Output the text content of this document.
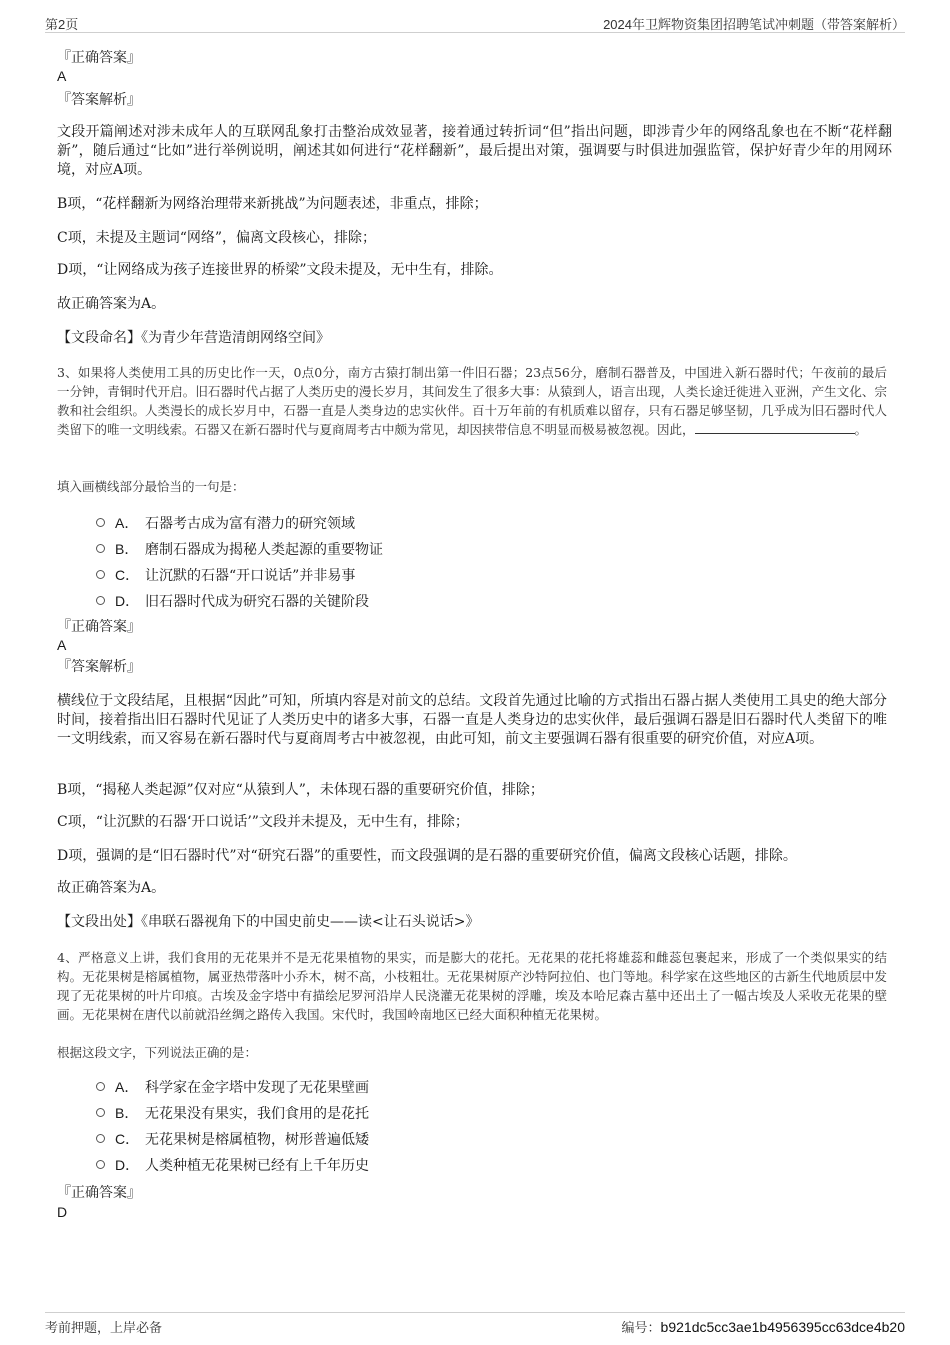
第2页	2024年卫辉物资集团招聘笔试冲刺题（带答案解析）
『正确答案』
A
『答案解析』
文段开篇阐述对涉未成年人的互联网乱象打击整治成效显著，接着通过转折词“但”指出问题，即涉青少年的网络乱象也在不断“花样翻新”，随后通过“比如”进行举例说明，阐述其如何进行“花样翻新”，最后提出对策，强调要与时俱进加强监管，保护好青少年的用网环境，对应A项。
B项，“花样翻新为网络治理带来新挑战”为问题表述，非重点，排除；
C项，未提及主题词“网络”，偏离文段核心，排除；
D项，“让网络成为孩子连接世界的桥梁”文段未提及，无中生有，排除。
故正确答案为A。
【文段命名】《为青少年营造清朗网络空间》
3、如果将人类使用工具的历史比作一天，0点0分，南方古猿打制出第一件旧石器；23点56分，磨制石器普及，中国进入新石器时代；午夜前的最后一分钟，青铜时代开启。旧石器时代占据了人类历史的漫长岁月，其间发生了很多大事：从猿到人，语言出现，人类长途迁徙进入亚洲，产生文化、宗教和社会组织。人类漫长的成长岁月中，石器一直是人类身边的忠实伙伴。百十万年前的有机质难以留存，只有石器足够坚韧，几乎成为旧石器时代人类留下的唯一文明线索。石器又在新石器时代与夏商周考古中颇为常见，却因挟带信息不明显而极易被忽视。因此，	。
填入画横线部分最恰当的一句是：
A． 石器考古成为富有潜力的研究领域
B． 磨制石器成为揭秘人类起源的重要物证
C． 让沉默的石器“开口说话”并非易事
D． 旧石器时代成为研究石器的关键阶段
『正确答案』
A
『答案解析』
横线位于文段结尾，且根据“因此”可知，所填内容是对前文的总结。文段首先通过比喻的方式指出石器占据人类使用工具史的绝大部分时间，接着指出旧石器时代见证了人类历史中的诸多大事，石器一直是人类身边的忠实伙伴，最后强调石器是旧石器时代人类留下的唯一文明线索，而又容易在新石器时代与夏商周考古中被忽视，由此可知，前文主要强调石器有很重要的研究价值，对应A项。
B项，“揭秘人类起源”仅对应“从猿到人”，未体现石器的重要研究价值，排除；
C项，“让沉默的石器‘开口说话’”文段并未提及，无中生有，排除；
D项，强调的是“旧石器时代”对“研究石器”的重要性，而文段强调的是石器的重要研究价值，偏离文段核心话题，排除。
故正确答案为A。
【文段出处】《串联石器视角下的中国史前史——读<让石头说话>》
4、严格意义上讲，我们食用的无花果并不是无花果植物的果实，而是膨大的花托。无花果的花托将雄蕊和雌蕊包裹起来，形成了一个类似果实的结构。无花果树是榕属植物，属亚热带落叶小乔木，树不高，小枝粗壮。无花果树原产沙特阿拉伯、也门等地。科学家在这些地区的古新生代地质层中发现了无花果树的叶片印痕。古埃及金字塔中有描绘尼罗河沿岸人民浇灌无花果树的浮雕，埃及本哈尼森古墓中还出土了一幅古埃及人采收无花果的壁画。无花果树在唐代以前就沿丝绸之路传入我国。宋代时，我国岭南地区已经大面积种植无花果树。
根据这段文字，下列说法正确的是：
A． 科学家在金字塔中发现了无花果壁画
B． 无花果没有果实，我们食用的是花托
C． 无花果树是榕属植物，树形普遍低矮
D． 人类种植无花果树已经有上千年历史
『正确答案』
D
考前押题，上岸必备	编号：b921dc5cc3ae1b4956395cc63dce4b20
